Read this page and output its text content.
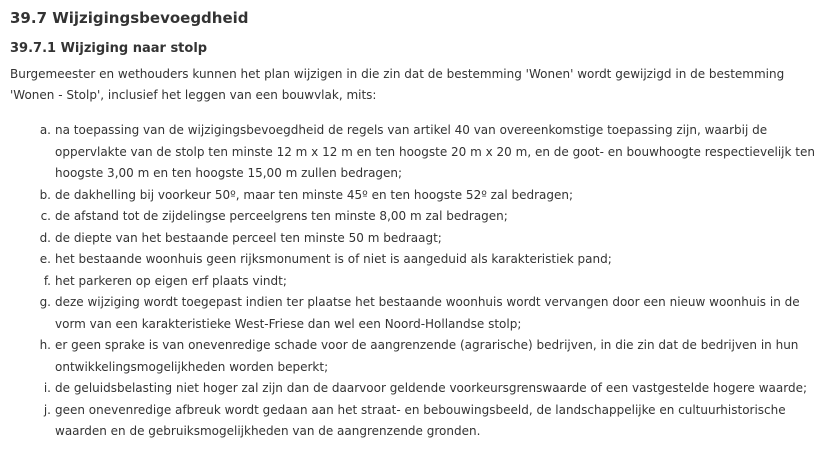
39.7 Wijzigingsbevoegdheid
39.7.1 Wijziging naar stolp

Burgemeester en wethouders kunnen het plan wijzigen in die zin dat de bestemming 'Wonen' wordt gewijzigd in de bestemming 'Wonen - Stolp', inclusief het leggen van een bouwvlak, mits:

a. na toepassing van de wijzigingsbevoegdheid de regels van artikel 40 van overeenkomstige toepassing zijn, waarbij de oppervlakte van de stolp ten minste 12 m x 12 m en ten hoogste 20 m x 20 m, en de goot- en bouwhoogte respectievelijk ten hoogste 3,00 m en ten hoogste 15,00 m zullen bedragen;
b. de dakhelling bij voorkeur 50º, maar ten minste 45º en ten hoogste 52º zal bedragen;
c. de afstand tot de zijdelingse perceelgrens ten minste 8,00 m zal bedragen;
d. de diepte van het bestaande perceel ten minste 50 m bedraagt;
e. het bestaande woonhuis geen rijksmonument is of niet is aangeduid als karakteristiek pand;
f. het parkeren op eigen erf plaats vindt;
g. deze wijziging wordt toegepast indien ter plaatse het bestaande woonhuis wordt vervangen door een nieuw woonhuis in de vorm van een karakteristieke West-Friese dan wel een Noord-Hollandse stolp;
h. er geen sprake is van onevenredige schade voor de aangrenzende (agrarische) bedrijven, in die zin dat de bedrijven in hun ontwikkelingsmogelijkheden worden beperkt;
i. de geluidsbelasting niet hoger zal zijn dan de daarvoor geldende voorkeursgrenswaarde of een vastgestelde hogere waarde;
j. geen onevenredige afbreuk wordt gedaan aan het straat- en bebouwingsbeeld, de landschappelijke en cultuurhistorische waarden en de gebruiksmogelijkheden van de aangrenzende gronden.
